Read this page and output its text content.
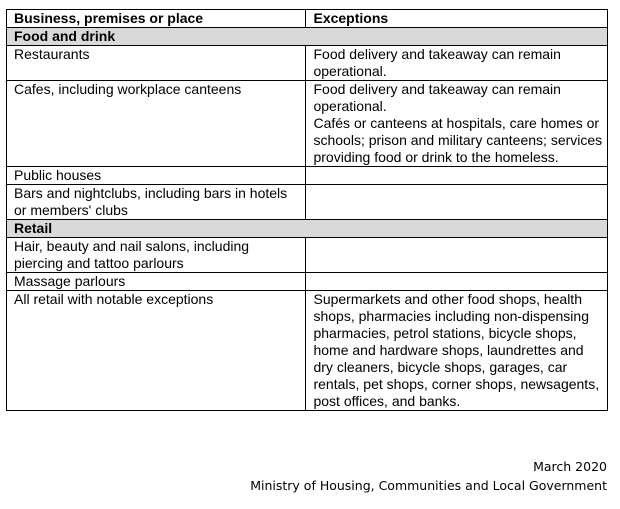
Business, premises or place	Exceptions
Food and drink	
Restaurants	Food delivery and takeaway can remain operational.

Cafes, including workplace canteens	Food delivery and takeaway can remain operational.
Cafés or canteens at hospitals, care homes or schools; prison and military canteens; services providing food or drink to the homeless.

Public houses	
Bars and nightclubs, including bars in hotels or members' clubs	
Retail	
Hair, beauty and nail salons, including piercing and tattoo parlours	
Massage parlours	
All retail with notable exceptions	Supermarkets and other food shops, health shops, pharmacies including non-dispensing pharmacies, petrol stations, bicycle shops, home and hardware shops, laundrettes and dry cleaners, bicycle shops, garages, car rentals, pet shops, corner shops, newsagents, post offices, and banks.
March 2020
Ministry of Housing, Communities and Local Government
